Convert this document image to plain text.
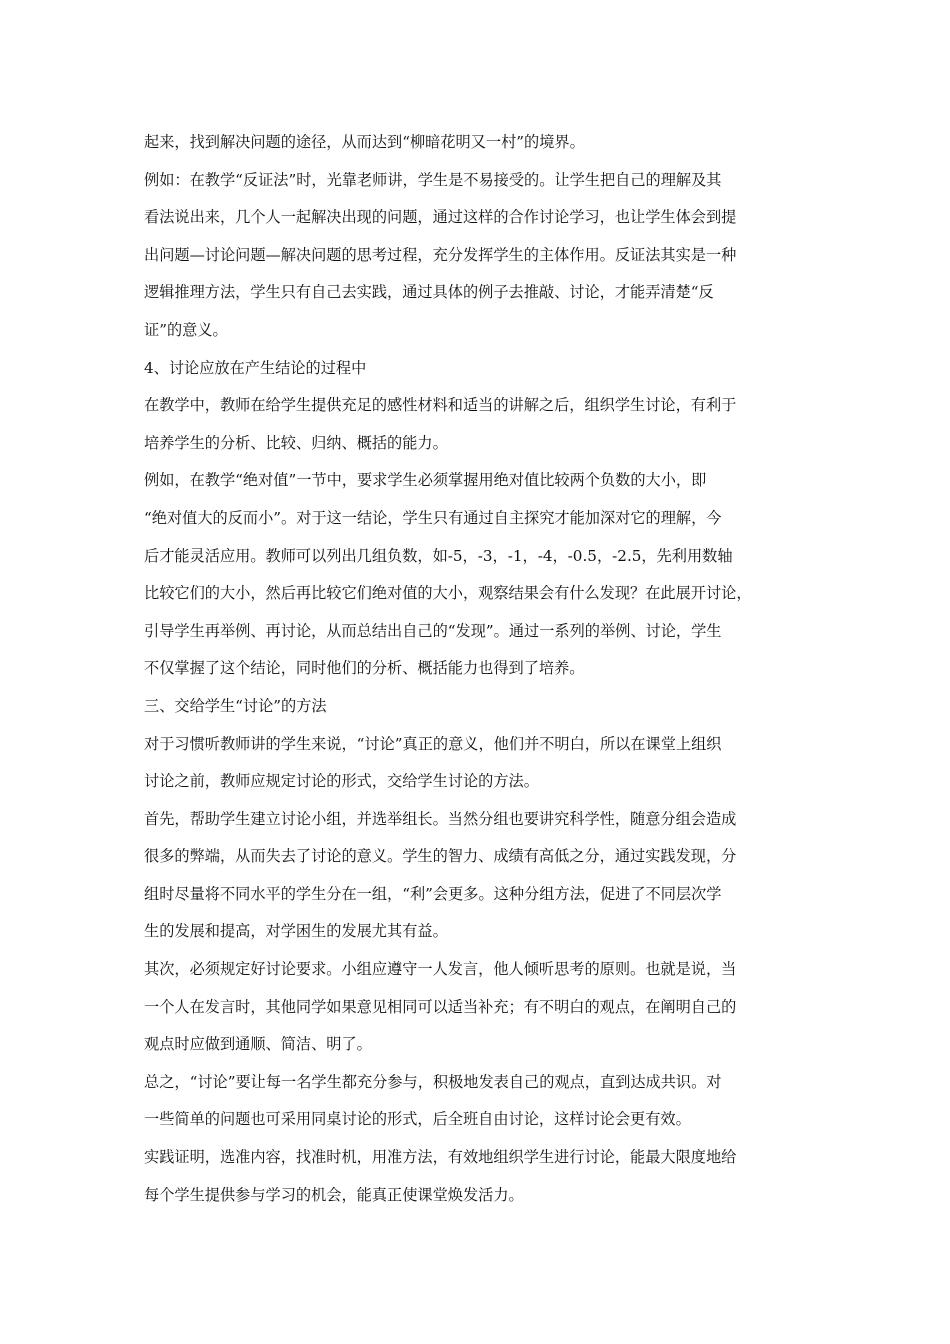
起来，找到解决问题的途径，从而达到“柳暗花明又一村”的境界。
例如：在教学“反证法”时，光靠老师讲，学生是不易接受的。让学生把自己的理解及其
看法说出来，几个人一起解决出现的问题，通过这样的合作讨论学习，也让学生体会到提
出问题—讨论问题—解决问题的思考过程，充分发挥学生的主体作用。反证法其实是一种
逻辑推理方法，学生只有自己去实践，通过具体的例子去推敲、讨论，才能弄清楚“反
证”的意义。
4、讨论应放在产生结论的过程中
在教学中，教师在给学生提供充足的感性材料和适当的讲解之后，组织学生讨论，有利于
培养学生的分析、比较、归纳、概括的能力。
例如，在教学“绝对值”一节中，要求学生必须掌握用绝对值比较两个负数的大小，即
“绝对值大的反而小”。对于这一结论，学生只有通过自主探究才能加深对它的理解，今
后才能灵活应用。教师可以列出几组负数，如-5，-3，-1，-4，-0.5，-2.5，先利用数轴
比较它们的大小，然后再比较它们绝对值的大小，观察结果会有什么发现？在此展开讨论，
引导学生再举例、再讨论，从而总结出自己的“发现”。通过一系列的举例、讨论，学生
不仅掌握了这个结论，同时他们的分析、概括能力也得到了培养。
三、交给学生“讨论”的方法
对于习惯听教师讲的学生来说，“讨论”真正的意义，他们并不明白，所以在课堂上组织
讨论之前，教师应规定讨论的形式，交给学生讨论的方法。
首先，帮助学生建立讨论小组，并选举组长。当然分组也要讲究科学性，随意分组会造成
很多的弊端，从而失去了讨论的意义。学生的智力、成绩有高低之分，通过实践发现，分
组时尽量将不同水平的学生分在一组，“利”会更多。这种分组方法，促进了不同层次学
生的发展和提高，对学困生的发展尤其有益。
其次，必须规定好讨论要求。小组应遵守一人发言，他人倾听思考的原则。也就是说，当
一个人在发言时，其他同学如果意见相同可以适当补充；有不明白的观点，在阐明自己的
观点时应做到通顺、简洁、明了。
总之，“讨论”要让每一名学生都充分参与，积极地发表自己的观点，直到达成共识。对
一些简单的问题也可采用同桌讨论的形式，后全班自由讨论，这样讨论会更有效。
实践证明，选准内容，找准时机，用准方法，有效地组织学生进行讨论，能最大限度地给
每个学生提供参与学习的机会，能真正使课堂焕发活力。
